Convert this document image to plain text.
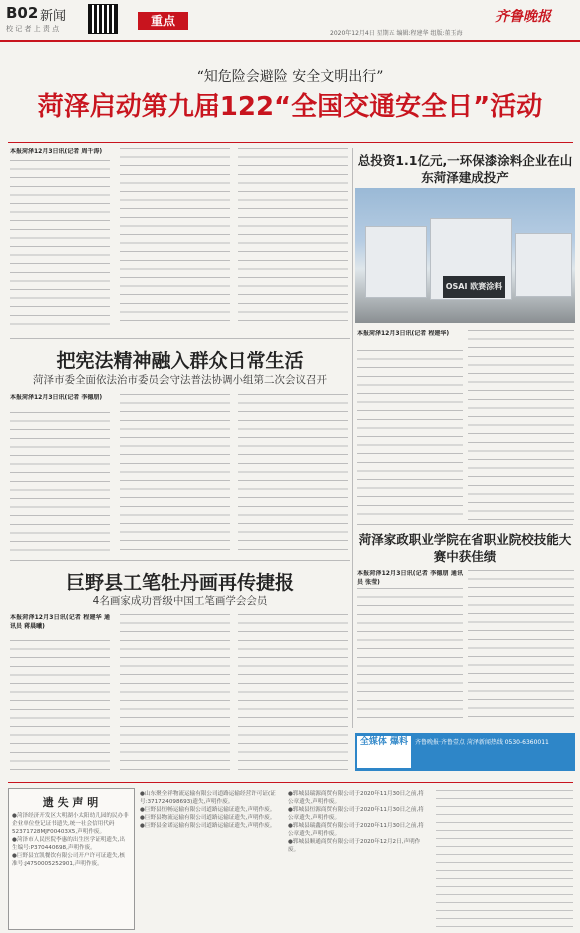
B02 新闻
校 记 者 上 责 点
重点	齐鲁晚报
2020年12月4日 星期五 编辑:程建华 组版:董玉海
“知危险会避险 安全文明出行”
菏泽启动第九届122“全国交通安全日”活动
本报菏泽12月3日讯(记者 周千涛)
总投资1.1亿元,一环保漆涂料企业在山东菏泽建成投产
OSAI 欧赛涂料
本报菏泽12月3日讯(记者 程建华)
把宪法精神融入群众日常生活
菏泽市委全面依法治市委员会守法普法协调小组第二次会议召开
本报菏泽12月3日讯(记者 李德朋)
菏泽家政职业学院在省职业院校技能大赛中获佳绩
本报菏泽12月3日讯(记者 李德朋 通讯员 张莹)
巨野县工笔牡丹画再传捷报
4名画家成功晋级中国工笔画学会会员
本报菏泽12月3日讯(记者 程建华 通讯员 蒋晨曦)
全媒体 爆料	齐鲁晚报·齐鲁壹点 菏泽新闻热线 0530-6360011
遗 失 声 明
●菏泽经济开发区大明湖小太阳幼儿园的民办非企业单位登记证书遗失,统一社会信用代码52371728MJF00403X5,声明作废。
●菏泽市人民医院李惠的出生医学证明遗失,出生编号:P370440698,声明作废。
●巨野县宜凯餐饮有限公司开户许可证遗失,核准号:J4750005252901,声明作废。
●山东聚全祥物流运输有限公司道路运输经营许可证(证号:371724098693)遗失,声明作废。
●巨野县恒畅运输有限公司道路运输证遗失,声明作废。
●巨野县物流运输有限公司道路运输证遗失,声明作废。
●巨野县金诺运输有限公司道路运输证遗失,声明作废。
●郓城县瑞源商贸有限公司于2020年11月30日之前,将公章遗失,声明作废。
●郓城县恒源商贸有限公司于2020年11月30日之前,将公章遗失,声明作废。
●郓城县瑞鑫商贸有限公司于2020年11月30日之前,将公章遗失,声明作废。
●郓城县顺通商贸有限公司于2020年12月2日,声明作废。
